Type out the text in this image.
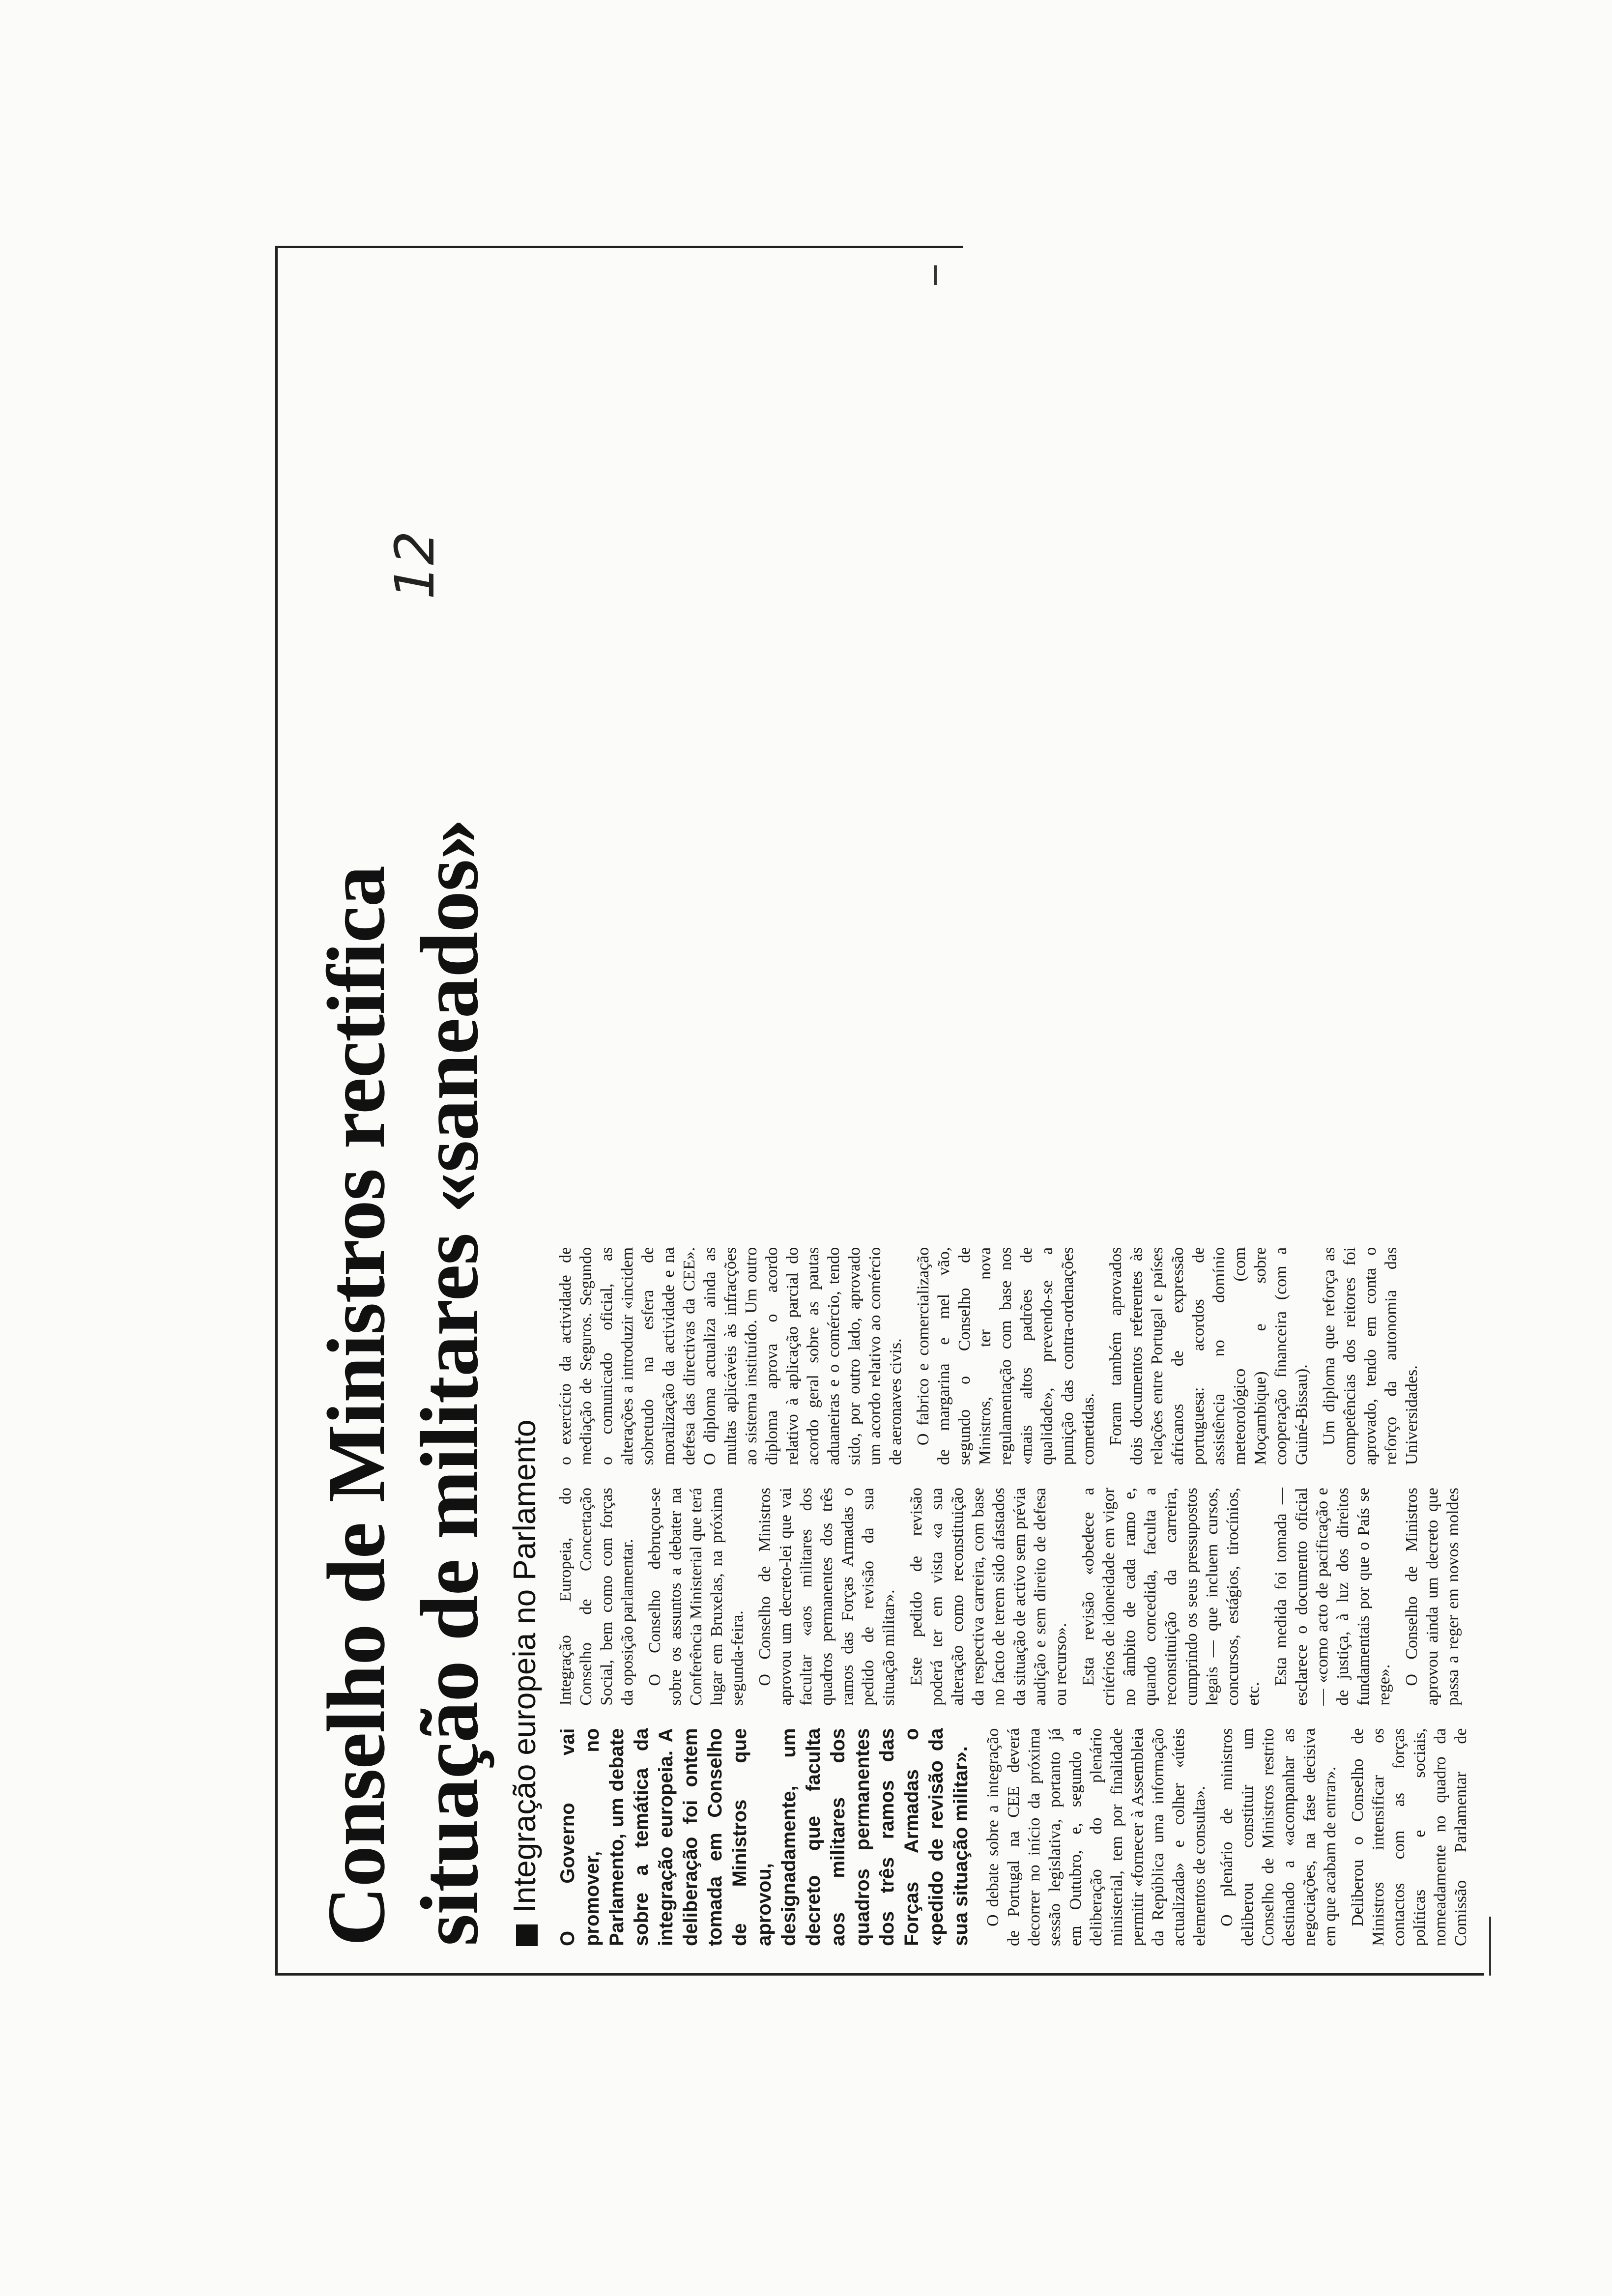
Conselho de Ministros rectifica
situação de militares «saneados»
12
Integração europeia no Parlamento O Governo vai promover, no Parlamento, um debate sobre a temática da integração europeia. A deliberação foi ontem tomada em Conselho de Ministros que aprovou, designadamente, um decreto que faculta aos militares dos quadros permanentes dos três ramos das Forças Armadas o «pedido de revisão da sua situação militar». O debate sobre a integração de Portugal na CEE deverá decorrer no início da próxima sessão legislativa, portanto já em Outubro, e, segundo a deliberação do plenário ministerial, tem por finalidade permitir «fornecer à Assembleia da República uma informação actualizada» e colher «úteis elementos de consulta». O plenário de ministros deliberou constituir um Conselho de Ministros restrito destinado a «acompanhar as negociações, na fase decisiva em que acabam de entrar». Deliberou o Conselho de Ministros intensificar os contactos com as forças políticas e sociais, nomeadamente no quadro da Comissão Parlamentar de Integração Europeia, do Conselho de Concertação Social, bem como com forças da oposição parlamentar. O Conselho debruçou-se sobre os assuntos a debater na Conferência Ministerial que terá lugar em Bruxelas, na próxima segunda-feira. O Conselho de Ministros aprovou um decreto-lei que vai facultar «aos militares dos quadros permanentes dos três ramos das Forças Armadas o pedido de revisão da sua situação militar». Este pedido de revisão poderá ter em vista «a sua alteração como reconstituição da respectiva carreira, com base no facto de terem sido afastados da situação de activo sem prévia audição e sem direito de defesa ou recurso». Esta revisão «obedece a critérios de idoneidade em vigor no âmbito de cada ramo e, quando concedida, faculta a reconstituição da carreira, cumprindo os seus pressupostos legais — que incluem cursos, concursos, estágios, tirocínios, etc.

Esta medida foi tomada — esclarece o documento oficial — «como acto de pacificação e de justiça, à luz dos direitos fundamentais por que o País se rege». O Conselho de Ministros aprovou ainda um decreto que passa a reger em novos moldes o exercício da actividade de mediação de Seguros. Segundo o comunicado oficial, as alterações a introduzir «incidem sobretudo na esfera de moralização da actividade e na defesa das directivas da CEE». O diploma actualiza ainda as multas aplicáveis às infracções ao sistema instituído. Um outro diploma aprova o acordo relativo à aplicação parcial do acordo geral sobre as pautas aduaneiras e o comércio, tendo sido, por outro lado, aprovado um acordo relativo ao comércio de aeronaves civis. O fabrico e comercialização de margarina e mel vão, segundo o Conselho de Ministros, ter nova regulamentação com base nos «mais altos padrões de qualidade», prevendo-se a punição das contra-ordenações cometidas. Foram também aprovados dois documentos referentes às relações entre Portugal e países africanos de expressão portuguesa: acordos de assistência no domínio meteorológico (com Moçambique) e sobre cooperação financeira (com a Guiné-Bissau). Um diploma que reforça as competências dos reitores foi aprovado, tendo em conta o reforço da autonomia das Universidades.
